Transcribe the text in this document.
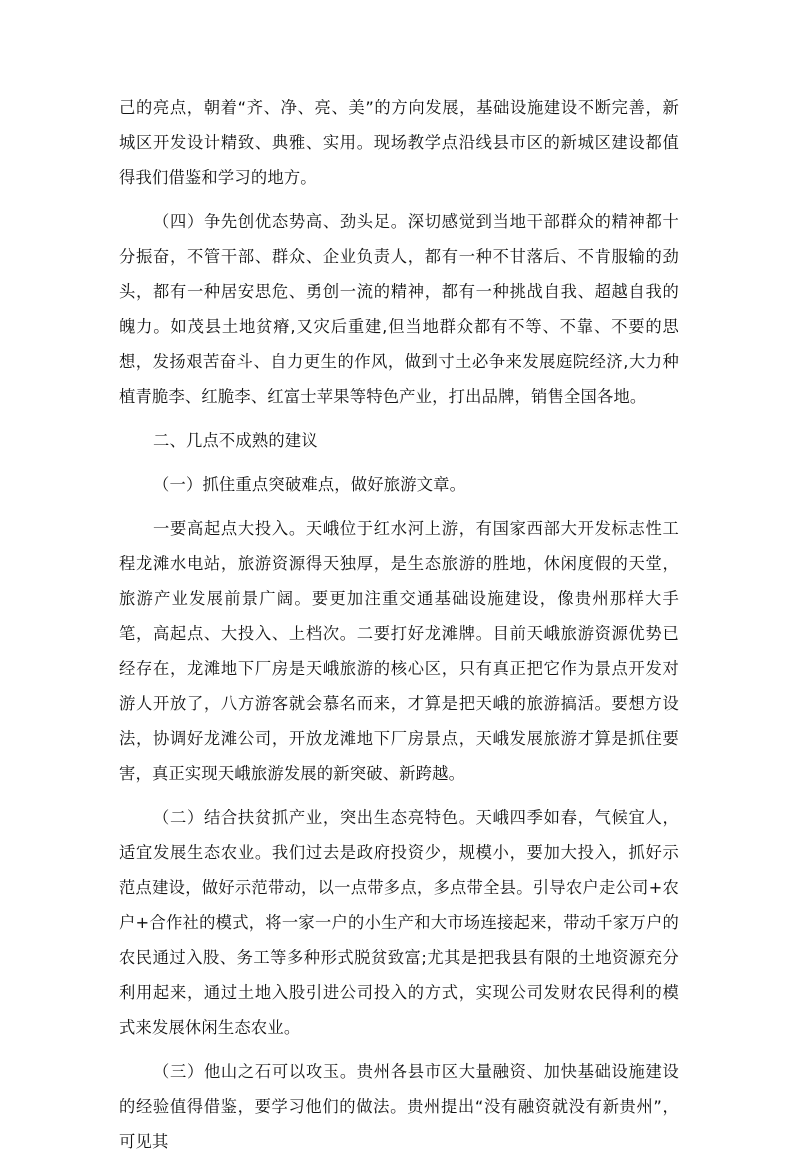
己的亮点，朝着“齐、净、亮、美”的方向发展，基础设施建设不断完善，新城区开发设计精致、典雅、实用。现场教学点沿线县市区的新城区建设都值得我们借鉴和学习的地方。

（四）争先创优态势高、劲头足。深切感觉到当地干部群众的精神都十分振奋，不管干部、群众、企业负责人，都有一种不甘落后、不肯服输的劲头，都有一种居安思危、勇创一流的精神，都有一种挑战自我、超越自我的魄力。如茂县土地贫瘠,又灾后重建,但当地群众都有不等、不靠、不要的思想，发扬艰苦奋斗、自力更生的作风，做到寸土必争来发展庭院经济,大力种植青脆李、红脆李、红富士苹果等特色产业，打出品牌，销售全国各地。

二、几点不成熟的建议

（一）抓住重点突破难点，做好旅游文章。

一要高起点大投入。天峨位于红水河上游，有国家西部大开发标志性工程龙滩水电站，旅游资源得天独厚，是生态旅游的胜地，休闲度假的天堂，旅游产业发展前景广阔。要更加注重交通基础设施建设，像贵州那样大手笔，高起点、大投入、上档次。二要打好龙滩牌。目前天峨旅游资源优势已经存在，龙滩地下厂房是天峨旅游的核心区，只有真正把它作为景点开发对游人开放了，八方游客就会慕名而来，才算是把天峨的旅游搞活。要想方设法，协调好龙滩公司，开放龙滩地下厂房景点，天峨发展旅游才算是抓住要害，真正实现天峨旅游发展的新突破、新跨越。

（二）结合扶贫抓产业，突出生态亮特色。天峨四季如春，气候宜人，适宜发展生态农业。我们过去是政府投资少，规模小，要加大投入，抓好示范点建设，做好示范带动，以一点带多点，多点带全县。引导农户走公司+农户+合作社的模式，将一家一户的小生产和大市场连接起来，带动千家万户的农民通过入股、务工等多种形式脱贫致富;尤其是把我县有限的土地资源充分利用起来，通过土地入股引进公司投入的方式，实现公司发财农民得利的模式来发展休闲生态农业。

（三）他山之石可以攻玉。贵州各县市区大量融资、加快基础设施建设的经验值得借鉴，要学习他们的做法。贵州提出“没有融资就没有新贵州”，可见其
